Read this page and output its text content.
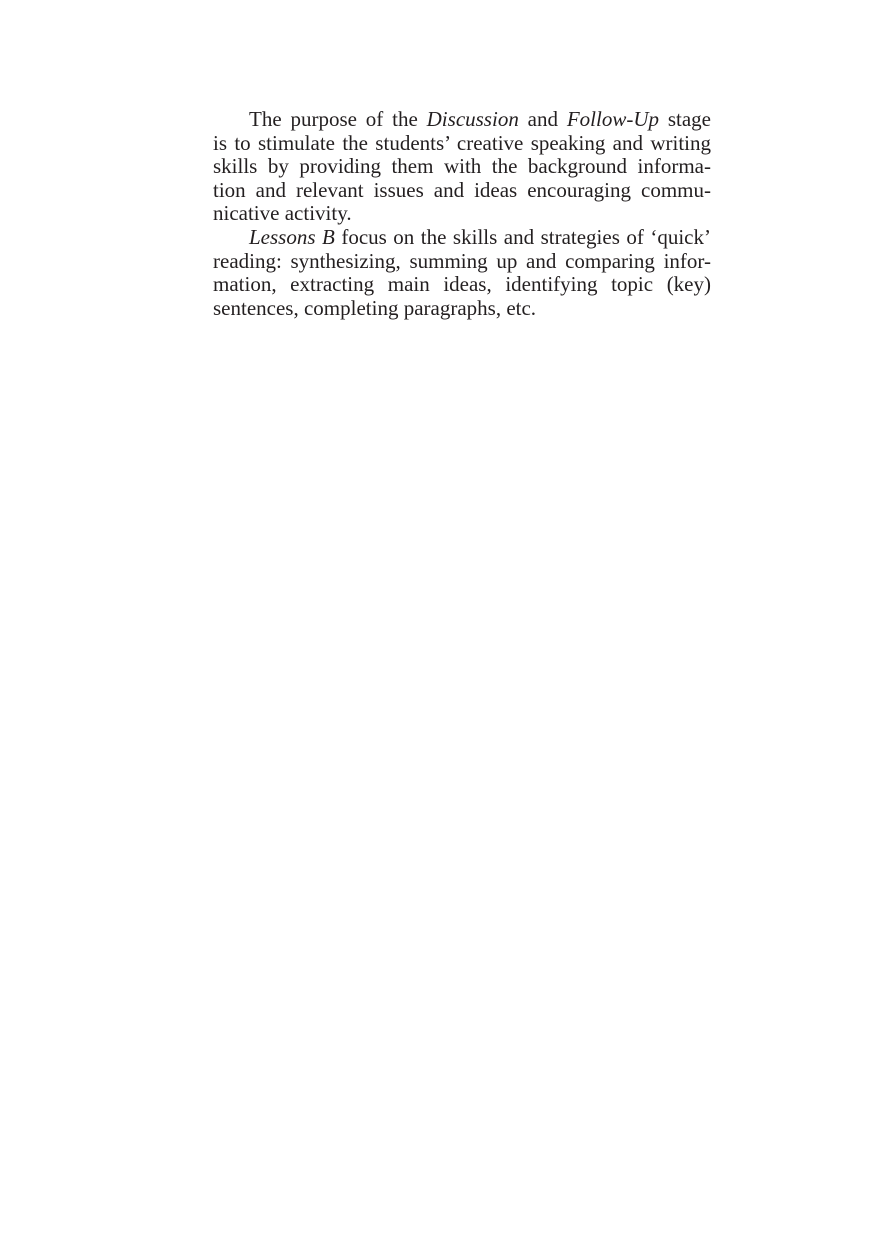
The purpose of the Discussion and Follow-Up stage
is to stimulate the students’ creative speaking and writing
skills by providing them with the background informa-
tion and relevant issues and ideas encouraging commu-
nicative activity.
Lessons B focus on the skills and strategies of ‘quick’
reading: synthesizing, summing up and comparing infor-
mation, extracting main ideas, identifying topic (key)
sentences, completing paragraphs, etc.
